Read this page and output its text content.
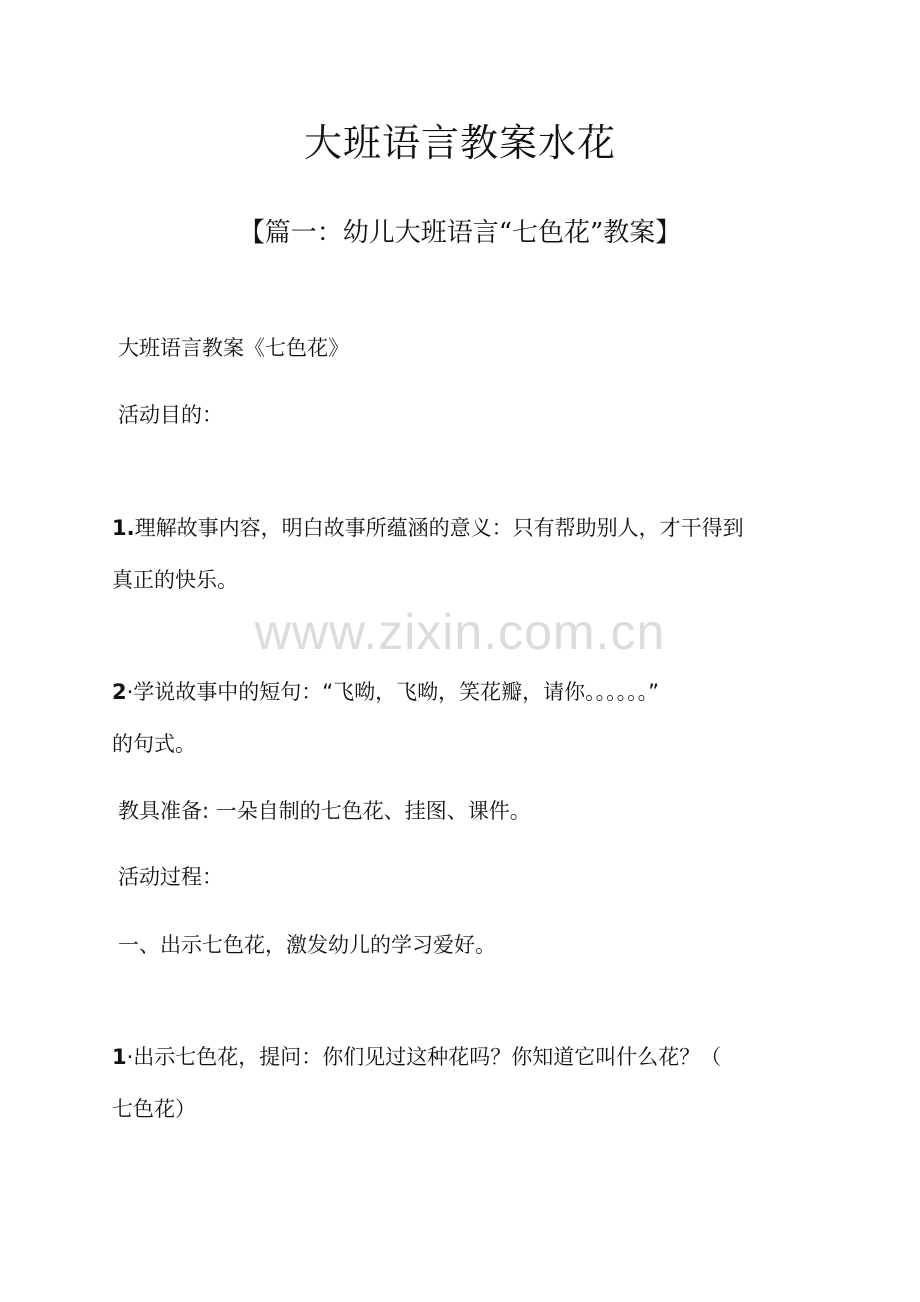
大班语言教案水花
【篇一：幼儿大班语言“七色花”教案】

大班语言教案《七色花》

活动目的：

1.理解故事内容，明白故事所蕴涵的意义：只有帮助别人，才干得到

真正的快乐。

www.zixin.com.cn

2·学说故事中的短句：“飞呦，飞呦，笑花瓣，请你。。。。。。”

的句式。

教具准备: 一朵自制的七色花、挂图、课件。

活动过程：

一、出示七色花，激发幼儿的学习爱好。

1·出示七色花，提问：你们见过这种花吗？你知道它叫什么花？（

七色花）
